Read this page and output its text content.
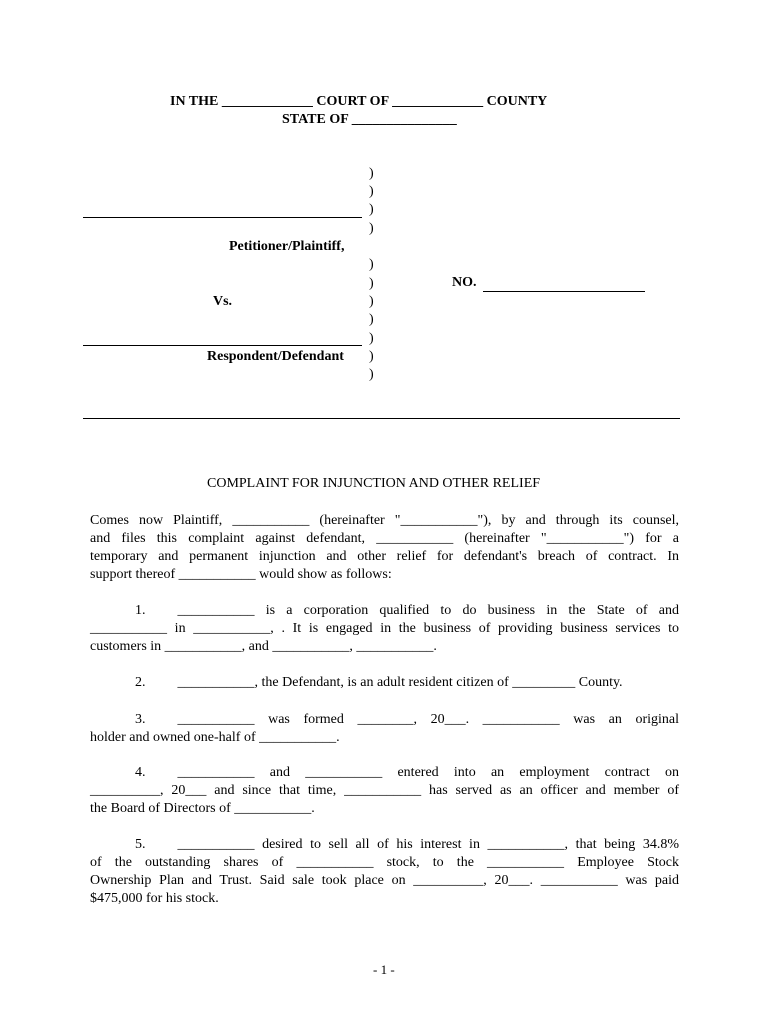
IN THE _____________ COURT OF _____________ COUNTY
STATE OF _______________
)
)
)
)
)
)
)
)
)
)
)
Petitioner/Plaintiff,
Vs.
Respondent/Defendant
NO.
COMPLAINT FOR INJUNCTION AND OTHER RELIEF
Comes now Plaintiff, ___________ (hereinafter "___________"), by and through its counsel,
and files this complaint against defendant, ___________ (hereinafter "___________") for a
temporary and permanent injunction and other relief for defendant's breach of contract. In
support thereof ___________ would show as follows:
1. ___________ is a corporation qualified to do business in the State of and
___________ in ___________, . It is engaged in the business of providing business services to
customers in ___________, and ___________, ___________.
2. ___________, the Defendant, is an adult resident citizen of _________ County.
3. ___________ was formed ________, 20___. ___________ was an original
holder and owned one-half of ___________.
4. ___________ and ___________ entered into an employment contract on
__________, 20___ and since that time, ___________ has served as an officer and member of
the Board of Directors of ___________.
5. ___________ desired to sell all of his interest in ___________, that being 34.8%
of the outstanding shares of ___________ stock, to the ___________ Employee Stock
Ownership Plan and Trust. Said sale took place on __________, 20___. ___________ was paid
$475,000 for his stock.
- 1 -
